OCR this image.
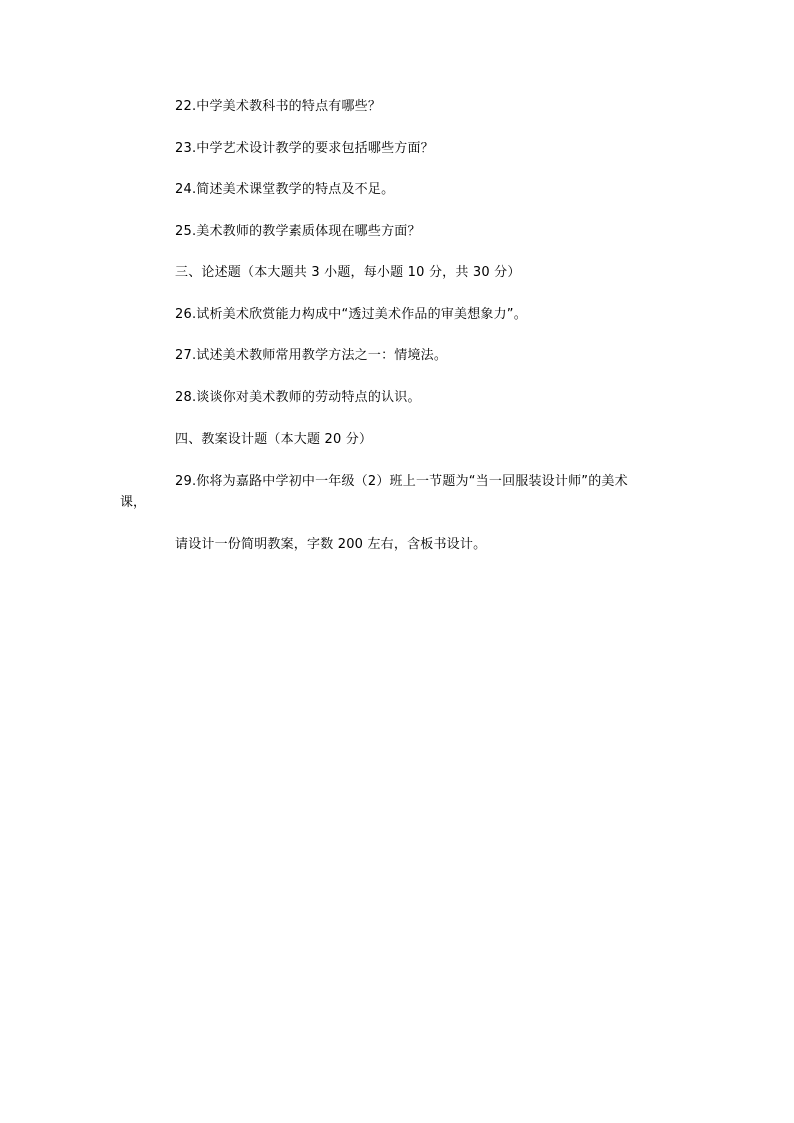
22.中学美术教科书的特点有哪些？
23.中学艺术设计教学的要求包括哪些方面？
24.简述美术课堂教学的特点及不足。
25.美术教师的教学素质体现在哪些方面？
三、论述题（本大题共 3 小题，每小题 10 分，共 30 分）
26.试析美术欣赏能力构成中“透过美术作品的审美想象力”。
27.试述美术教师常用教学方法之一：情境法。
28.谈谈你对美术教师的劳动特点的认识。
四、教案设计题（本大题 20 分）
29.你将为嘉路中学初中一年级（2）班上一节题为“当一回服装设计师”的美术
课，
请设计一份简明教案，字数 200 左右，含板书设计。
